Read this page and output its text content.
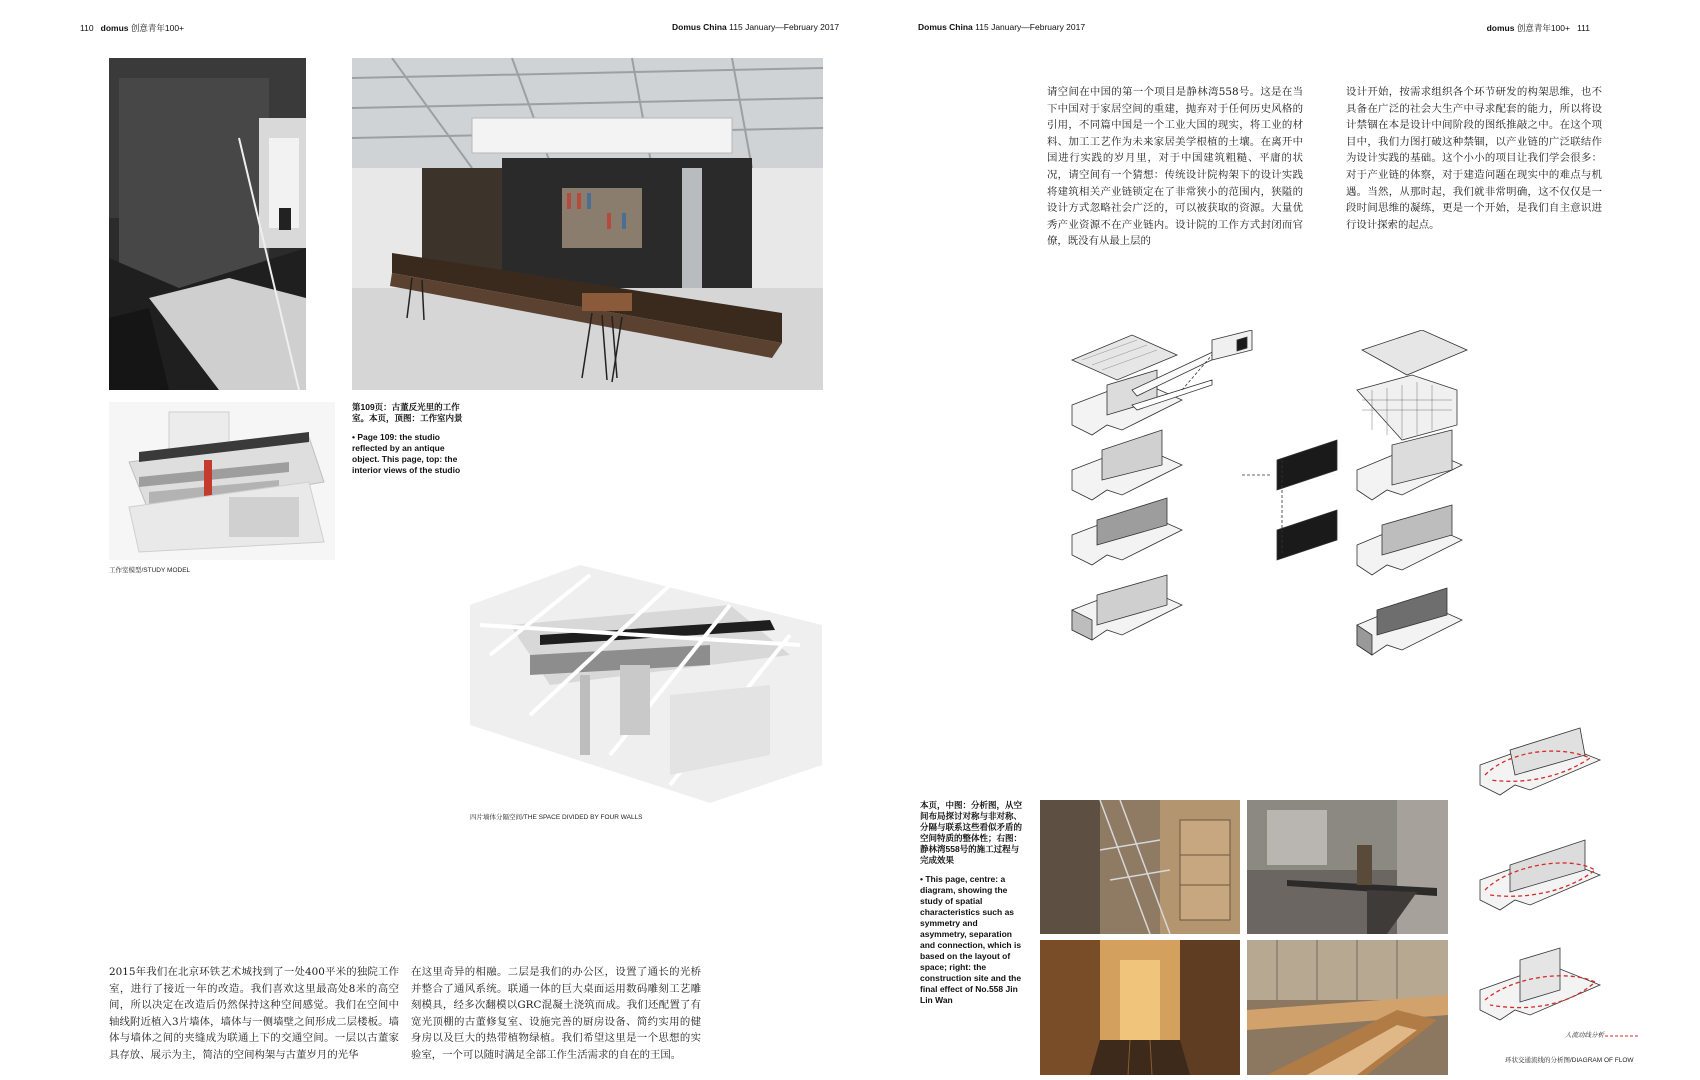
110 domus 创意青年100+	Domus China 115 January—February 2017
工作室模型/STUDY MODEL
第109页：古董反光里的工作室。本页，顶图：工作室内景
• Page 109: the studio reflected by an antique object. This page, top: the interior views of the studio
四片墙体分隔空间/THE SPACE DIVIDED BY FOUR WALLS
2015年我们在北京环铁艺术城找到了一处400平米的独院工作室，进行了接近一年的改造。我们喜欢这里最高处8米的高空间，所以决定在改造后仍然保持这种空间感觉。我们在空间中轴线附近植入3片墙体，墙体与一侧墙壁之间形成二层楼板。墙体与墙体之间的夹缝成为联通上下的交通空间。一层以古董家具存放、展示为主，简洁的空间构架与古董岁月的光华
在这里奇异的相融。二层是我们的办公区，设置了通长的光桥并整合了通风系统。联通一体的巨大桌面运用数码雕刻工艺雕刻模具，经多次翻模以GRC混凝土浇筑而成。我们还配置了有宽光顶棚的古董修复室、设施完善的厨房设备、简约实用的健身房以及巨大的热带植物绿植。我们希望这里是一个思想的实验室，一个可以随时满足全部工作生活需求的自在的王国。
Domus China 115 January—February 2017	domus 创意青年100+ 111
请空间在中国的第一个项目是静林湾558号。这是在当下中国对于家居空间的重建，抛弃对于任何历史风格的引用，不同篇中国是一个工业大国的现实，将工业的材料、加工工艺作为未来家居美学根植的土壤。在离开中国进行实践的岁月里，对于中国建筑粗糙、平庸的状况，请空间有一个猜想：传统设计院构架下的设计实践将建筑相关产业链锁定在了非常狭小的范围内，狭隘的设计方式忽略社会广泛的，可以被获取的资源。大量优秀产业资源不在产业链内。设计院的工作方式封闭而官僚，既没有从最上层的
设计开始，按需求组织各个环节研发的构架思维，也不具备在广泛的社会大生产中寻求配套的能力，所以将设计禁锢在本是设计中间阶段的图纸推敲之中。在这个项目中，我们力图打破这种禁锢，以产业链的广泛联结作为设计实践的基础。这个小小的项目让我们学会很多：对于产业链的体察，对于建造问题在现实中的难点与机遇。当然，从那时起，我们就非常明确，这不仅仅是一段时间思维的凝练，更是一个开始，是我们自主意识进行设计探索的起点。
本页，中图：分析图，从空间布局探讨对称与非对称、分隔与联系这些看似矛盾的空间特质的整体性；右图：静林湾558号的施工过程与完成效果
• This page, centre: a diagram, showing the study of spatial characteristics such as symmetry and asymmetry, separation and connection, which is based on the layout of space; right: the construction site and the final effect of No.558 Jin Lin Wan
人流动线分析
环状交通流线的分析图/DIAGRAM OF FLOW
